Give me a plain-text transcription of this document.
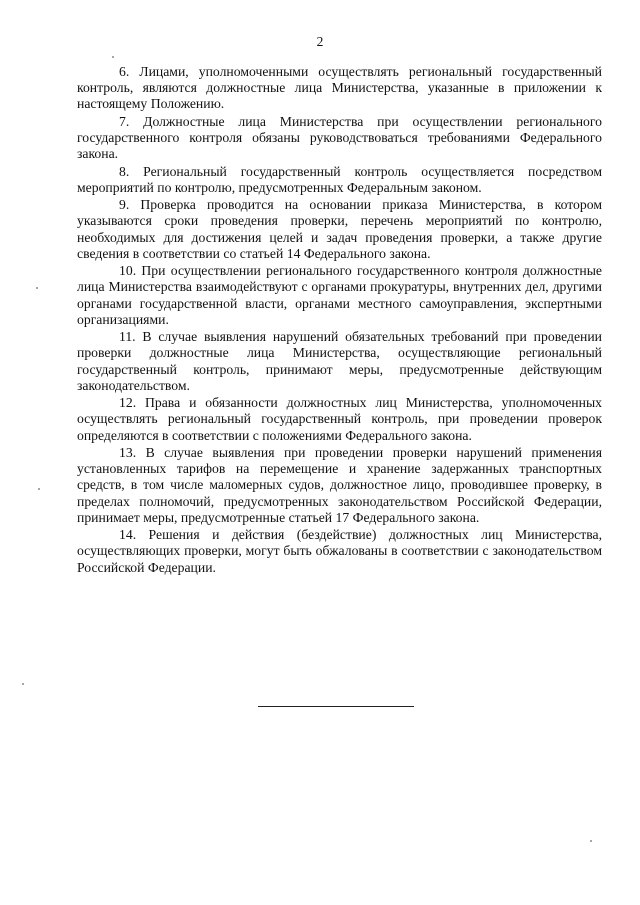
2

6. Лицами, уполномоченными осуществлять региональный государственный контроль, являются должностные лица Министерства, указанные в приложении к настоящему Положению.

7. Должностные лица Министерства при осуществлении регионального государственного контроля обязаны руководствоваться требованиями Федерального закона.

8. Региональный государственный контроль осуществляется посредством мероприятий по контролю, предусмотренных Федеральным законом.

9. Проверка проводится на основании приказа Министерства, в котором указываются сроки проведения проверки, перечень мероприятий по контролю, необходимых для достижения целей и задач проведения проверки, а также другие сведения в соответствии со статьей 14 Федерального закона.

10. При осуществлении регионального государственного контроля должностные лица Министерства взаимодействуют с органами прокуратуры, внутренних дел, другими органами государственной власти, органами местного самоуправления, экспертными организациями.

11. В случае выявления нарушений обязательных требований при проведении проверки должностные лица Министерства, осуществляющие региональный государственный контроль, принимают меры, предусмотренные действующим законодательством.

12. Права и обязанности должностных лиц Министерства, уполномоченных осуществлять региональный государственный контроль, при проведении проверок определяются в соответствии с положениями Федерального закона.

13. В случае выявления при проведении проверки нарушений применения установленных тарифов на перемещение и хранение задержанных транспортных средств, в том числе маломерных судов, должностное лицо, проводившее проверку, в пределах полномочий, предусмотренных законодательством Российской Федерации, принимает меры, предусмотренные статьей 17 Федерального закона.

14. Решения и действия (бездействие) должностных лиц Министерства, осуществляющих проверки, могут быть обжалованы в соответствии с законодательством Российской Федерации.
